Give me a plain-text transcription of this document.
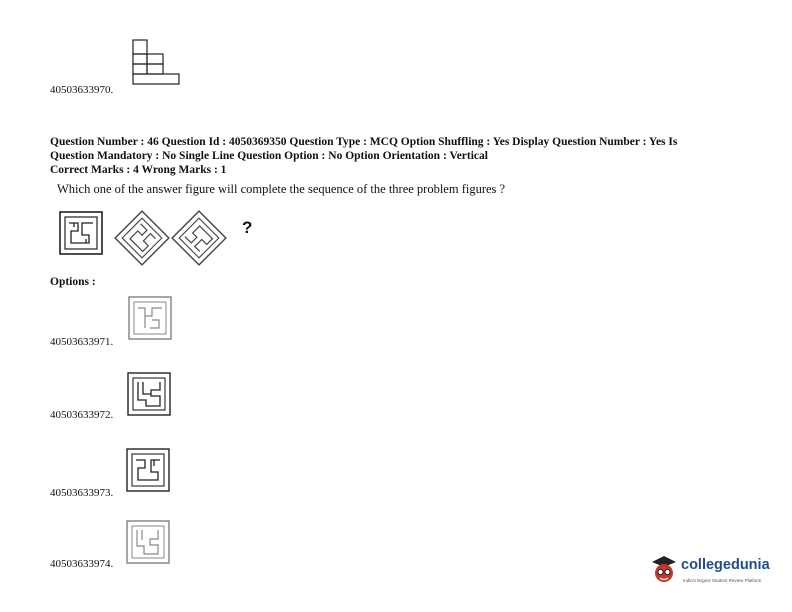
40503633970.
Question Number : 46 Question Id : 4050369350 Question Type : MCQ Option Shuffling : Yes Display Question Number : Yes Is
Question Mandatory : No Single Line Question Option : No Option Orientation : Vertical
Correct Marks : 4 Wrong Marks : 1
Which one of the answer figure will complete the sequence of the three problem figures ?
?
Options :
40503633971.
40503633972.
40503633973.
40503633974.	collegedunia
India's largest Student Review Platform
